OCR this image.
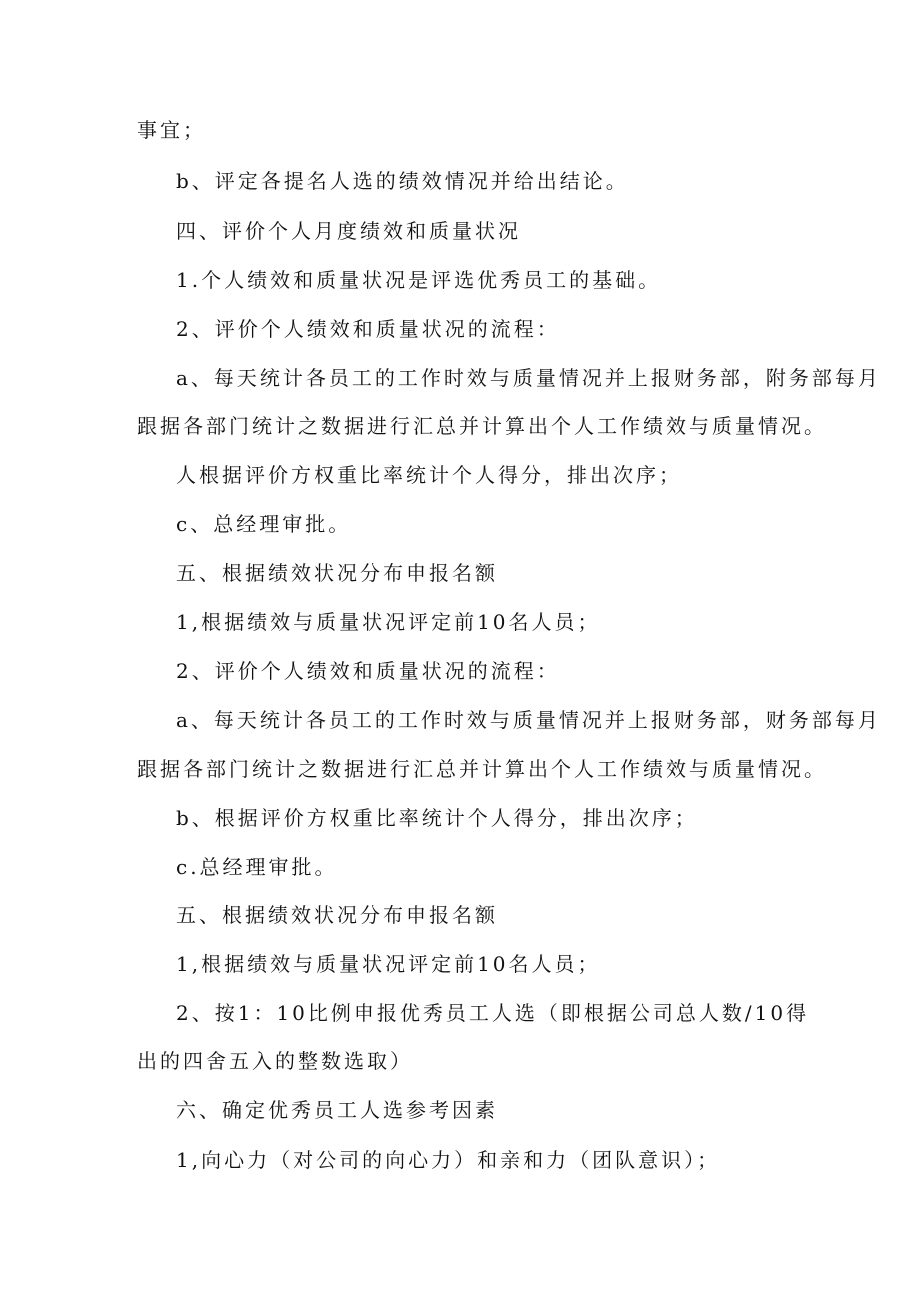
事宜；
b、评定各提名人选的绩效情况并给出结论。
四、评价个人月度绩效和质量状况
1.个人绩效和质量状况是评选优秀员工的基础。
2、评价个人绩效和质量状况的流程：
a、每天统计各员工的工作时效与质量情况并上报财务部，附务部每月
跟据各部门统计之数据进行汇总并计算出个人工作绩效与质量情况。
人根据评价方权重比率统计个人得分，排出次序；
c、总经理审批。
五、根据绩效状况分布申报名额
1,根据绩效与质量状况评定前10名人员；
2、评价个人绩效和质量状况的流程：
a、每天统计各员工的工作时效与质量情况并上报财务部，财务部每月
跟据各部门统计之数据进行汇总并计算出个人工作绩效与质量情况。
b、根据评价方权重比率统计个人得分，排出次序；
c.总经理审批。
五、根据绩效状况分布申报名额
1,根据绩效与质量状况评定前10名人员；
2、按1：10比例申报优秀员工人选（即根据公司总人数/10得
出的四舍五入的整数选取）
六、确定优秀员工人选参考因素
1,向心力（对公司的向心力）和亲和力（团队意识）；
